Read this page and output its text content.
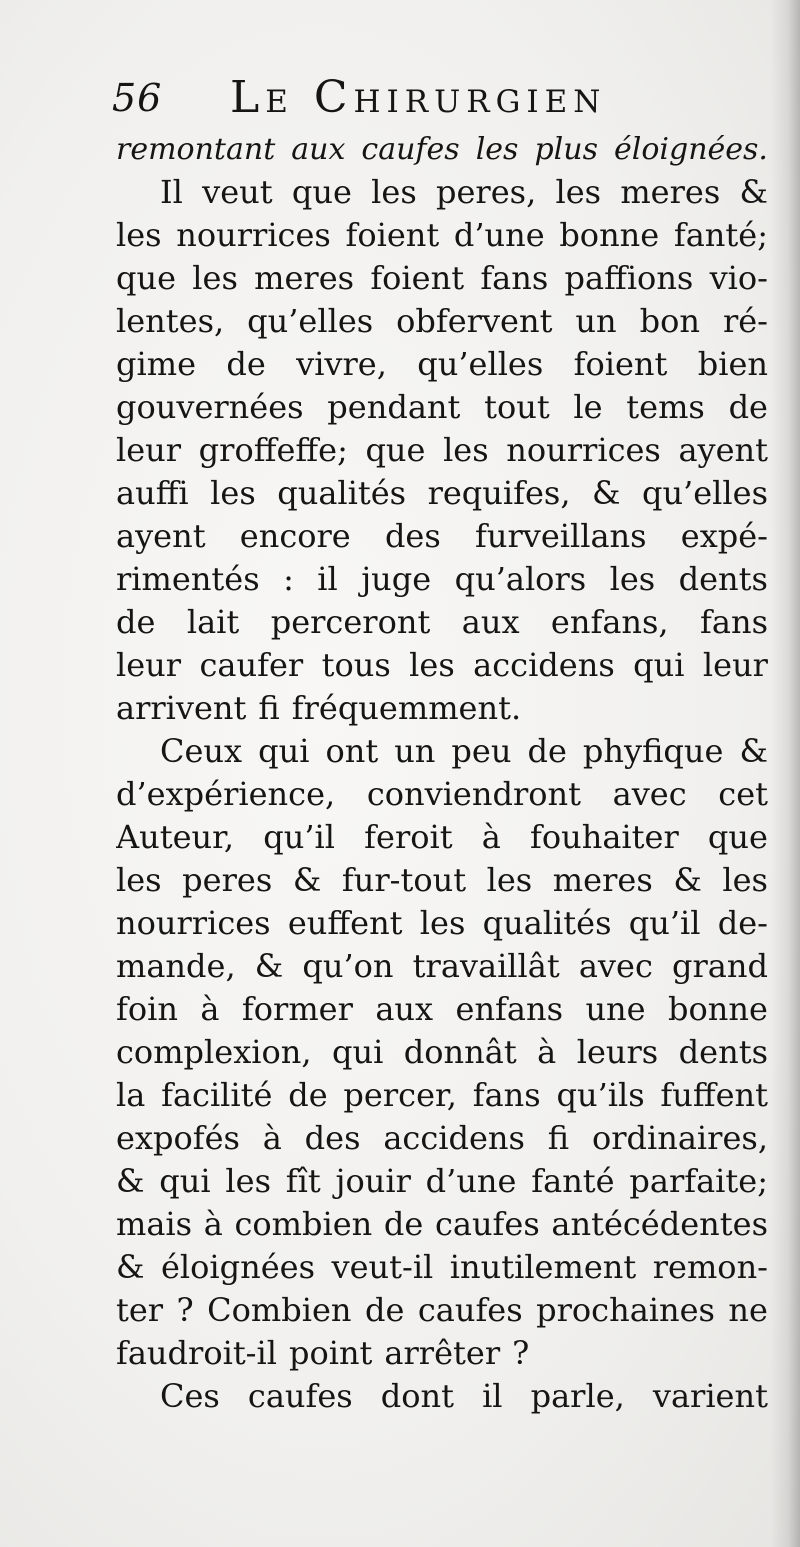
56 Le Chirurgien
remontant aux caufes les plus éloignées.
Il veut que les peres, les meres &
les nourrices foient d’une bonne fanté;
que les meres foient fans paffions vio-
lentes, qu’elles obfervent un bon ré-
gime de vivre, qu’elles foient bien
gouvernées pendant tout le tems de
leur groffeffe; que les nourrices ayent
auffi les qualités requifes, & qu’elles
ayent encore des furveillans expé-
rimentés : il juge qu’alors les dents
de lait perceront aux enfans, fans
leur caufer tous les accidens qui leur
arrivent fi fréquemment.
Ceux qui ont un peu de phyfique &
d’expérience, conviendront avec cet
Auteur, qu’il feroit à fouhaiter que
les peres & fur-tout les meres & les
nourrices euffent les qualités qu’il de-
mande, & qu’on travaillât avec grand
foin à former aux enfans une bonne
complexion, qui donnât à leurs dents
la facilité de percer, fans qu’ils fuffent
expofés à des accidens fi ordinaires,
& qui les fît jouir d’une fanté parfaite;
mais à combien de caufes antécédentes
& éloignées veut-il inutilement remon-
ter ? Combien de caufes prochaines ne
faudroit-il point arrêter ?
Ces caufes dont il parle, varient
